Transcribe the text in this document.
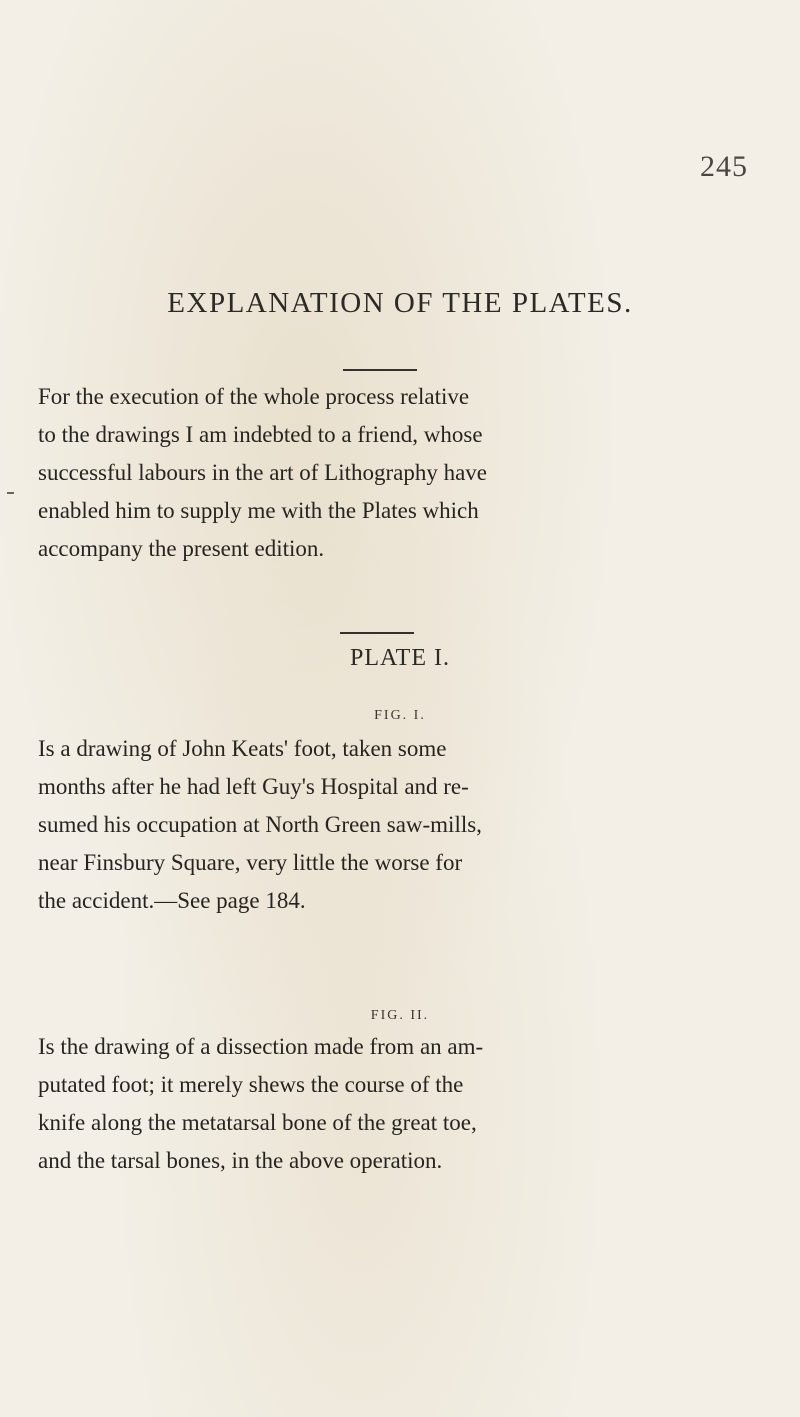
245
EXPLANATION OF THE PLATES.
For the execution of the whole process relative
to the drawings I am indebted to a friend, whose
successful labours in the art of Lithography have
enabled him to supply me with the Plates which
accompany the present edition.
PLATE I.
FIG. I.
Is a drawing of John Keats' foot, taken some
months after he had left Guy's Hospital and re-
sumed his occupation at North Green saw-mills,
near Finsbury Square, very little the worse for
the accident.—See page 184.
FIG. II.
Is the drawing of a dissection made from an am-
putated foot; it merely shews the course of the
knife along the metatarsal bone of the great toe,
and the tarsal bones, in the above operation.
